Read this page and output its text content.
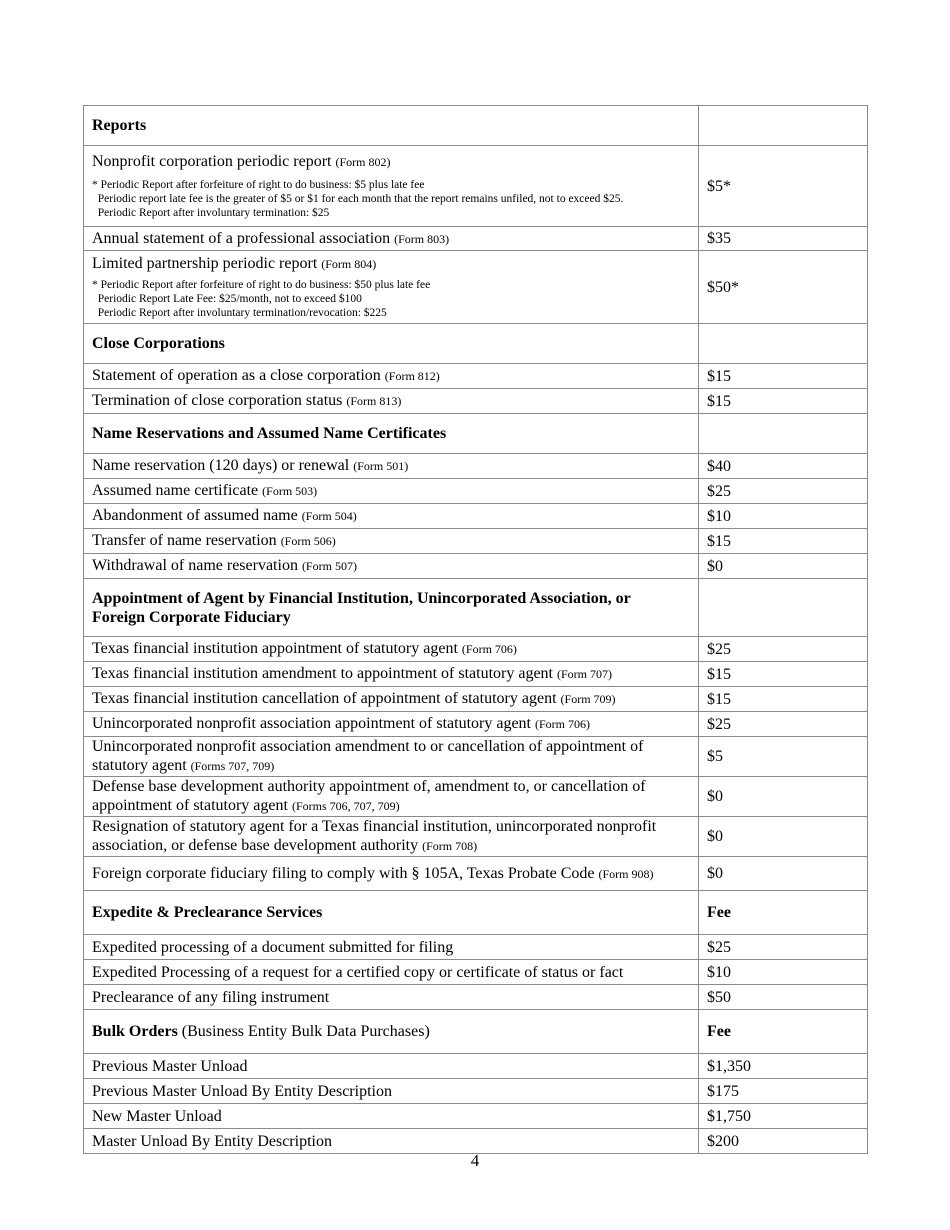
Reports	
Nonprofit corporation periodic report (Form 802)
* Periodic Report after forfeiture of right to do business: $5 plus late fee
Periodic report late fee is the greater of $5 or $1 for each month that the report remains unfiled, not to exceed $25.
Periodic Report after involuntary termination: $25	$5*
Annual statement of a professional association (Form 803)	$35
Limited partnership periodic report (Form 804)
* Periodic Report after forfeiture of right to do business: $50 plus late fee
Periodic Report Late Fee: $25/month, not to exceed $100
Periodic Report after involuntary termination/revocation: $225	$50*
Close Corporations	
Statement of operation as a close corporation (Form 812)	$15
Termination of close corporation status (Form 813)	$15
Name Reservations and Assumed Name Certificates	
Name reservation (120 days) or renewal (Form 501)	$40
Assumed name certificate (Form 503)	$25
Abandonment of assumed name (Form 504)	$10
Transfer of name reservation (Form 506)	$15
Withdrawal of name reservation (Form 507)	$0

Appointment of Agent by Financial Institution, Unincorporated Association, or
Foreign Corporate Fiduciary	

Texas financial institution appointment of statutory agent (Form 706)	$25
Texas financial institution amendment to appointment of statutory agent (Form 707)	$15
Texas financial institution cancellation of appointment of statutory agent (Form 709)	$15
Unincorporated nonprofit association appointment of statutory agent (Form 706)	$25
Unincorporated nonprofit association amendment to or cancellation of appointment of statutory agent (Forms 707, 709)	$5
Defense base development authority appointment of, amendment to, or cancellation of appointment of statutory agent (Forms 706, 707, 709)	$0
Resignation of statutory agent for a Texas financial institution, unincorporated nonprofit association, or defense base development authority (Form 708)	$0
Foreign corporate fiduciary filing to comply with § 105A, Texas Probate Code (Form 908)	$0
Expedite & Preclearance Services	Fee
Expedited processing of a document submitted for filing	$25
Expedited Processing of a request for a certified copy or certificate of status or fact	$10
Preclearance of any filing instrument	$50
Bulk Orders (Business Entity Bulk Data Purchases)	Fee
Previous Master Unload	$1,350
Previous Master Unload By Entity Description	$175
New Master Unload	$1,750
Master Unload By Entity Description	$200
4
